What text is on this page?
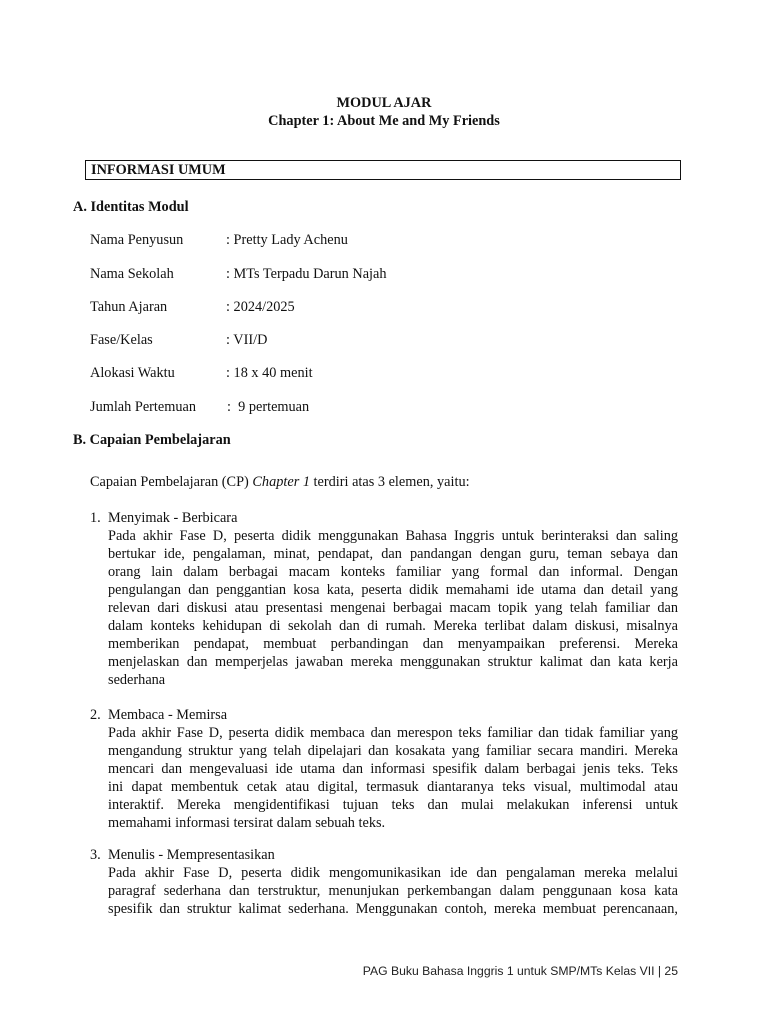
MODUL AJAR
Chapter 1: About Me and My Friends
INFORMASI UMUM
A. Identitas Modul
Nama Penyusun	: Pretty Lady Achenu
Nama Sekolah	: MTs Terpadu Darun Najah
Tahun Ajaran	: 2024/2025
Fase/Kelas	: VII/D
Alokasi Waktu	: 18 x 40 menit
Jumlah Pertemuan :  9 pertemuan
B. Capaian Pembelajaran
Capaian Pembelajaran (CP) Chapter 1 terdiri atas 3 elemen, yaitu:
1. Menyimak - Berbicara
Pada akhir Fase D, peserta didik menggunakan Bahasa Inggris untuk berinteraksi dan saling
bertukar ide, pengalaman, minat, pendapat, dan pandangan dengan guru, teman sebaya dan
orang lain dalam berbagai macam konteks familiar yang formal dan informal. Dengan
pengulangan dan penggantian kosa kata, peserta didik memahami ide utama dan detail yang
relevan dari diskusi atau presentasi mengenai berbagai macam topik yang telah familiar dan
dalam konteks kehidupan di sekolah dan di rumah. Mereka terlibat dalam diskusi, misalnya
memberikan pendapat, membuat perbandingan dan menyampaikan preferensi. Mereka
menjelaskan dan memperjelas jawaban mereka menggunakan struktur kalimat dan kata kerja
sederhana
2. Membaca - Memirsa
Pada akhir Fase D, peserta didik membaca dan merespon teks familiar dan tidak familiar yang
mengandung struktur yang telah dipelajari dan kosakata yang familiar secara mandiri. Mereka
mencari dan mengevaluasi ide utama dan informasi spesifik dalam berbagai jenis teks. Teks
ini dapat membentuk cetak atau digital, termasuk diantaranya teks visual, multimodal atau
interaktif. Mereka mengidentifikasi tujuan teks dan mulai melakukan inferensi untuk
memahami informasi tersirat dalam sebuah teks.
3. Menulis - Mempresentasikan
Pada akhir Fase D, peserta didik mengomunikasikan ide dan pengalaman mereka melalui
paragraf sederhana dan terstruktur, menunjukan perkembangan dalam penggunaan kosa kata
spesifik dan struktur kalimat sederhana. Menggunakan contoh, mereka membuat perencanaan,
PAG Buku Bahasa Inggris 1 untuk SMP/MTs Kelas VII | 25
